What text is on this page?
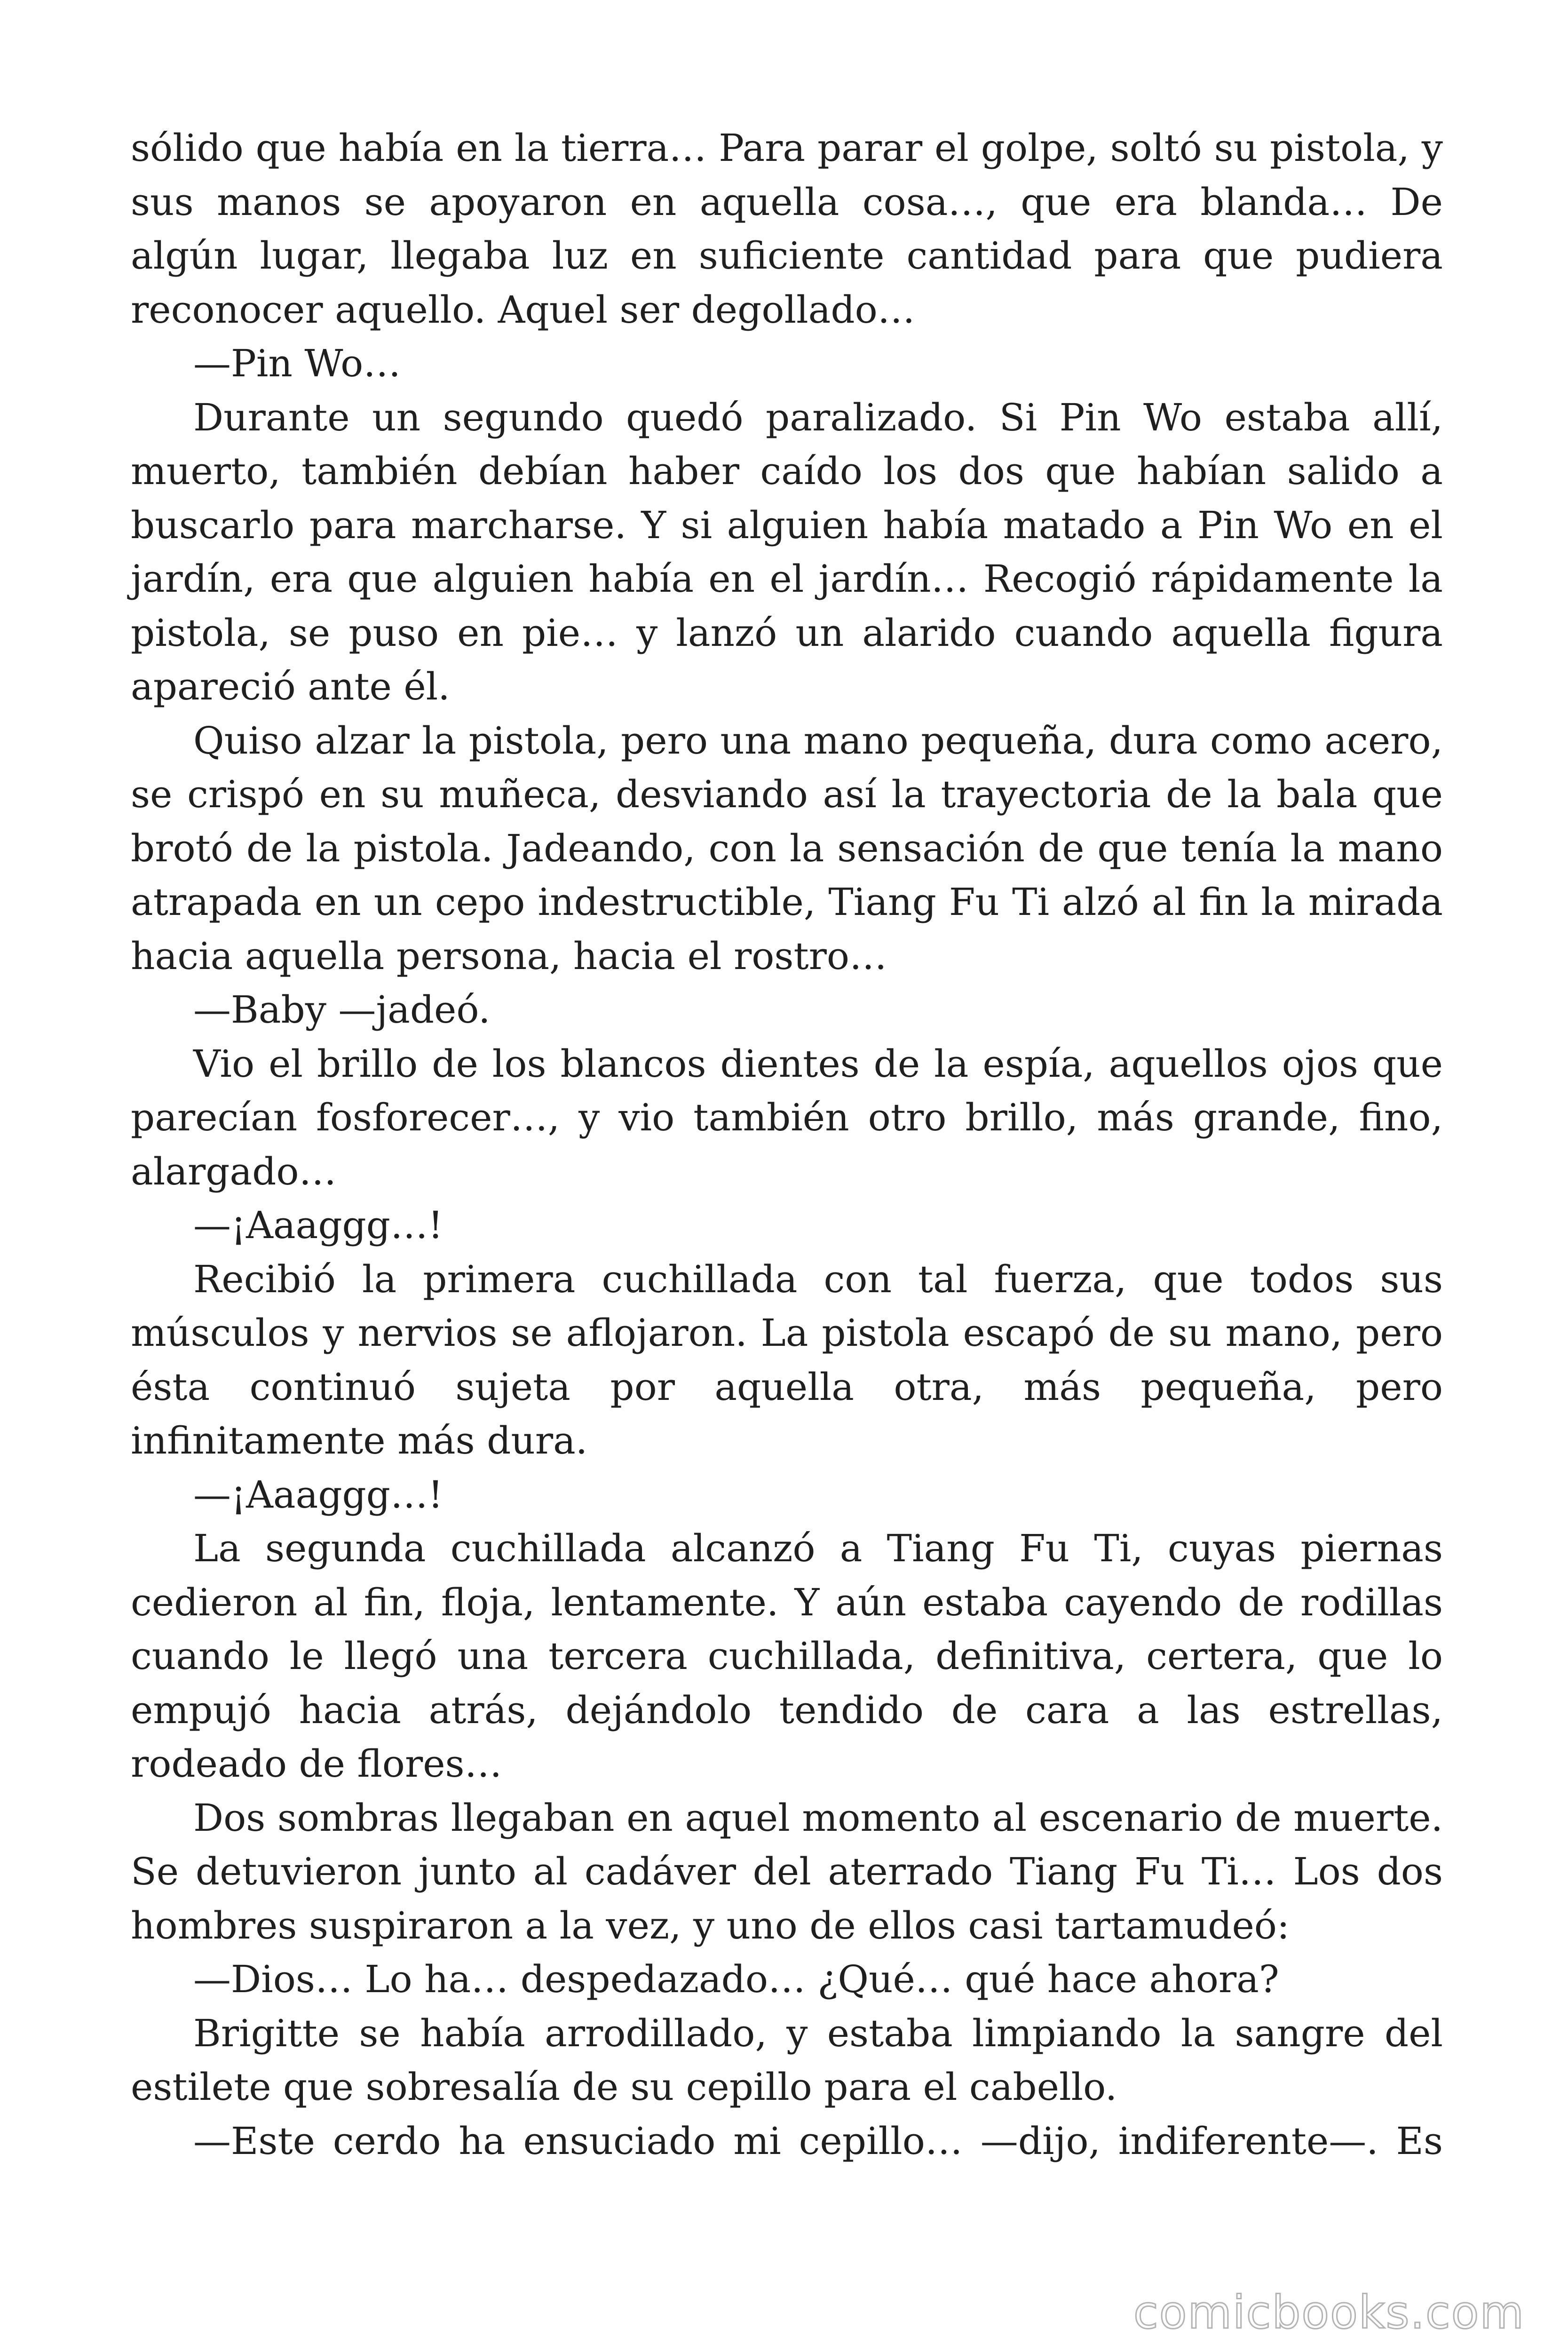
sólido que había en la tierra… Para parar el golpe, soltó su pistola, y sus manos se apoyaron en aquella cosa…, que era blanda… De algún lugar, llegaba luz en suficiente cantidad para que pudiera reconocer aquello. Aquel ser degollado…

—Pin Wo…

Durante un segundo quedó paralizado. Si Pin Wo estaba allí, muerto, también debían haber caído los dos que habían salido a buscarlo para marcharse. Y si alguien había matado a Pin Wo en el jardín, era que alguien había en el jardín… Recogió rápidamente la pistola, se puso en pie… y lanzó un alarido cuando aquella figura apareció ante él.

Quiso alzar la pistola, pero una mano pequeña, dura como acero, se crispó en su muñeca, desviando así la trayectoria de la bala que brotó de la pistola. Jadeando, con la sensación de que tenía la mano atrapada en un cepo indestructible, Tiang Fu Ti alzó al fin la mirada hacia aquella persona, hacia el rostro…

—Baby —jadeó.

Vio el brillo de los blancos dientes de la espía, aquellos ojos que parecían fosforecer…, y vio también otro brillo, más grande, fino, alargado…

—¡Aaaggg…!

Recibió la primera cuchillada con tal fuerza, que todos sus músculos y nervios se aflojaron. La pistola escapó de su mano, pero ésta continuó sujeta por aquella otra, más pequeña, pero infinitamente más dura.

—¡Aaaggg…!

La segunda cuchillada alcanzó a Tiang Fu Ti, cuyas piernas cedieron al fin, floja, lentamente. Y aún estaba cayendo de rodillas cuando le llegó una tercera cuchillada, definitiva, certera, que lo empujó hacia atrás, dejándolo tendido de cara a las estrellas, rodeado de flores…

Dos sombras llegaban en aquel momento al escenario de muerte. Se detuvieron junto al cadáver del aterrado Tiang Fu Ti… Los dos hombres suspiraron a la vez, y uno de ellos casi tartamudeó:

—Dios… Lo ha… despedazado… ¿Qué… qué hace ahora?

Brigitte se había arrodillado, y estaba limpiando la sangre del estilete que sobresalía de su cepillo para el cabello.

—Este cerdo ha ensuciado mi cepillo… —dijo, indiferente—. Es

comicbooks.com
